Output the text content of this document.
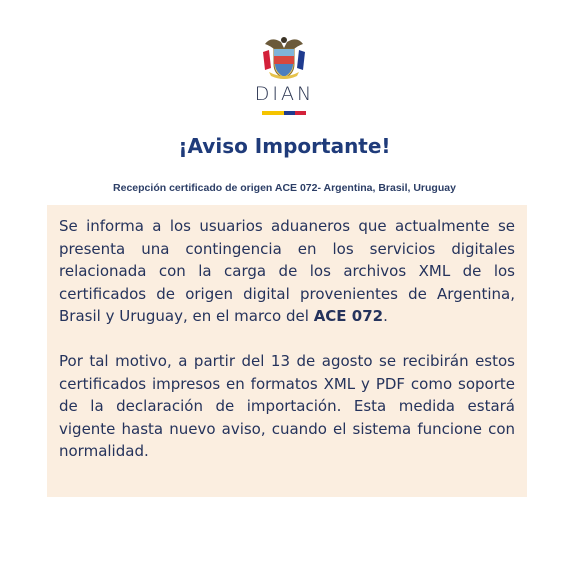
DIAN
¡Aviso Importante!
Recepción certificado de origen ACE 072- Argentina, Brasil, Uruguay

Se informa a los usuarios aduaneros que actualmente se presenta una contingencia en los servicios digitales relacionada con la carga de los archivos XML de los certificados de origen digital provenientes de Argentina, Brasil y Uruguay, en el marco del ACE 072.

Por tal motivo, a partir del 13 de agosto se recibirán estos certificados impresos en formatos XML y PDF como soporte de la declaración de importación. Esta medida estará vigente hasta nuevo aviso, cuando el sistema funcione con normalidad.
